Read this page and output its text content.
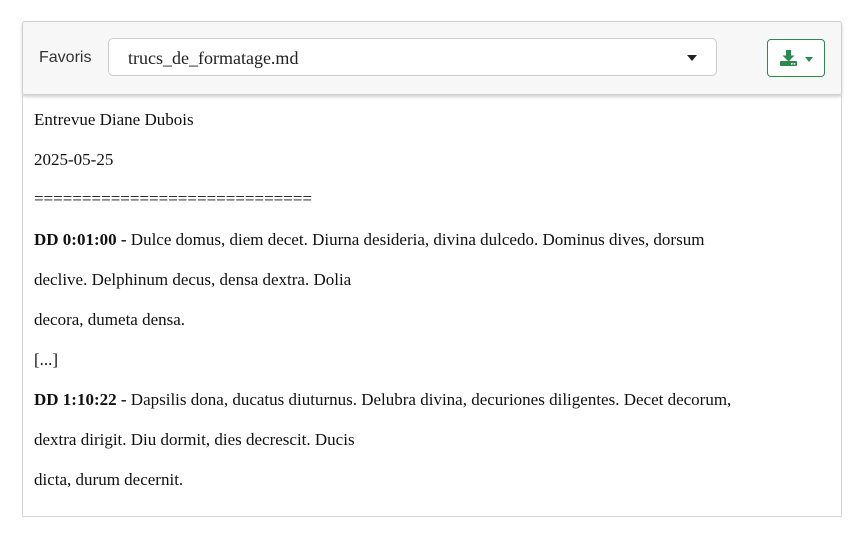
Favoris trucs_de_formatage.md
Entrevue Diane Dubois
2025-05-25
=============================
DD 0:01:00 - Dulce domus, diem decet. Diurna desideria, divina dulcedo. Dominus dives, dorsum
declive. Delphinum decus, densa dextra. Dolia
decora, dumeta densa.
[...]
DD 1:10:22 - Dapsilis dona, ducatus diuturnus. Delubra divina, decuriones diligentes. Decet decorum,
dextra dirigit. Diu dormit, dies decrescit. Ducis
dicta, durum decernit.
